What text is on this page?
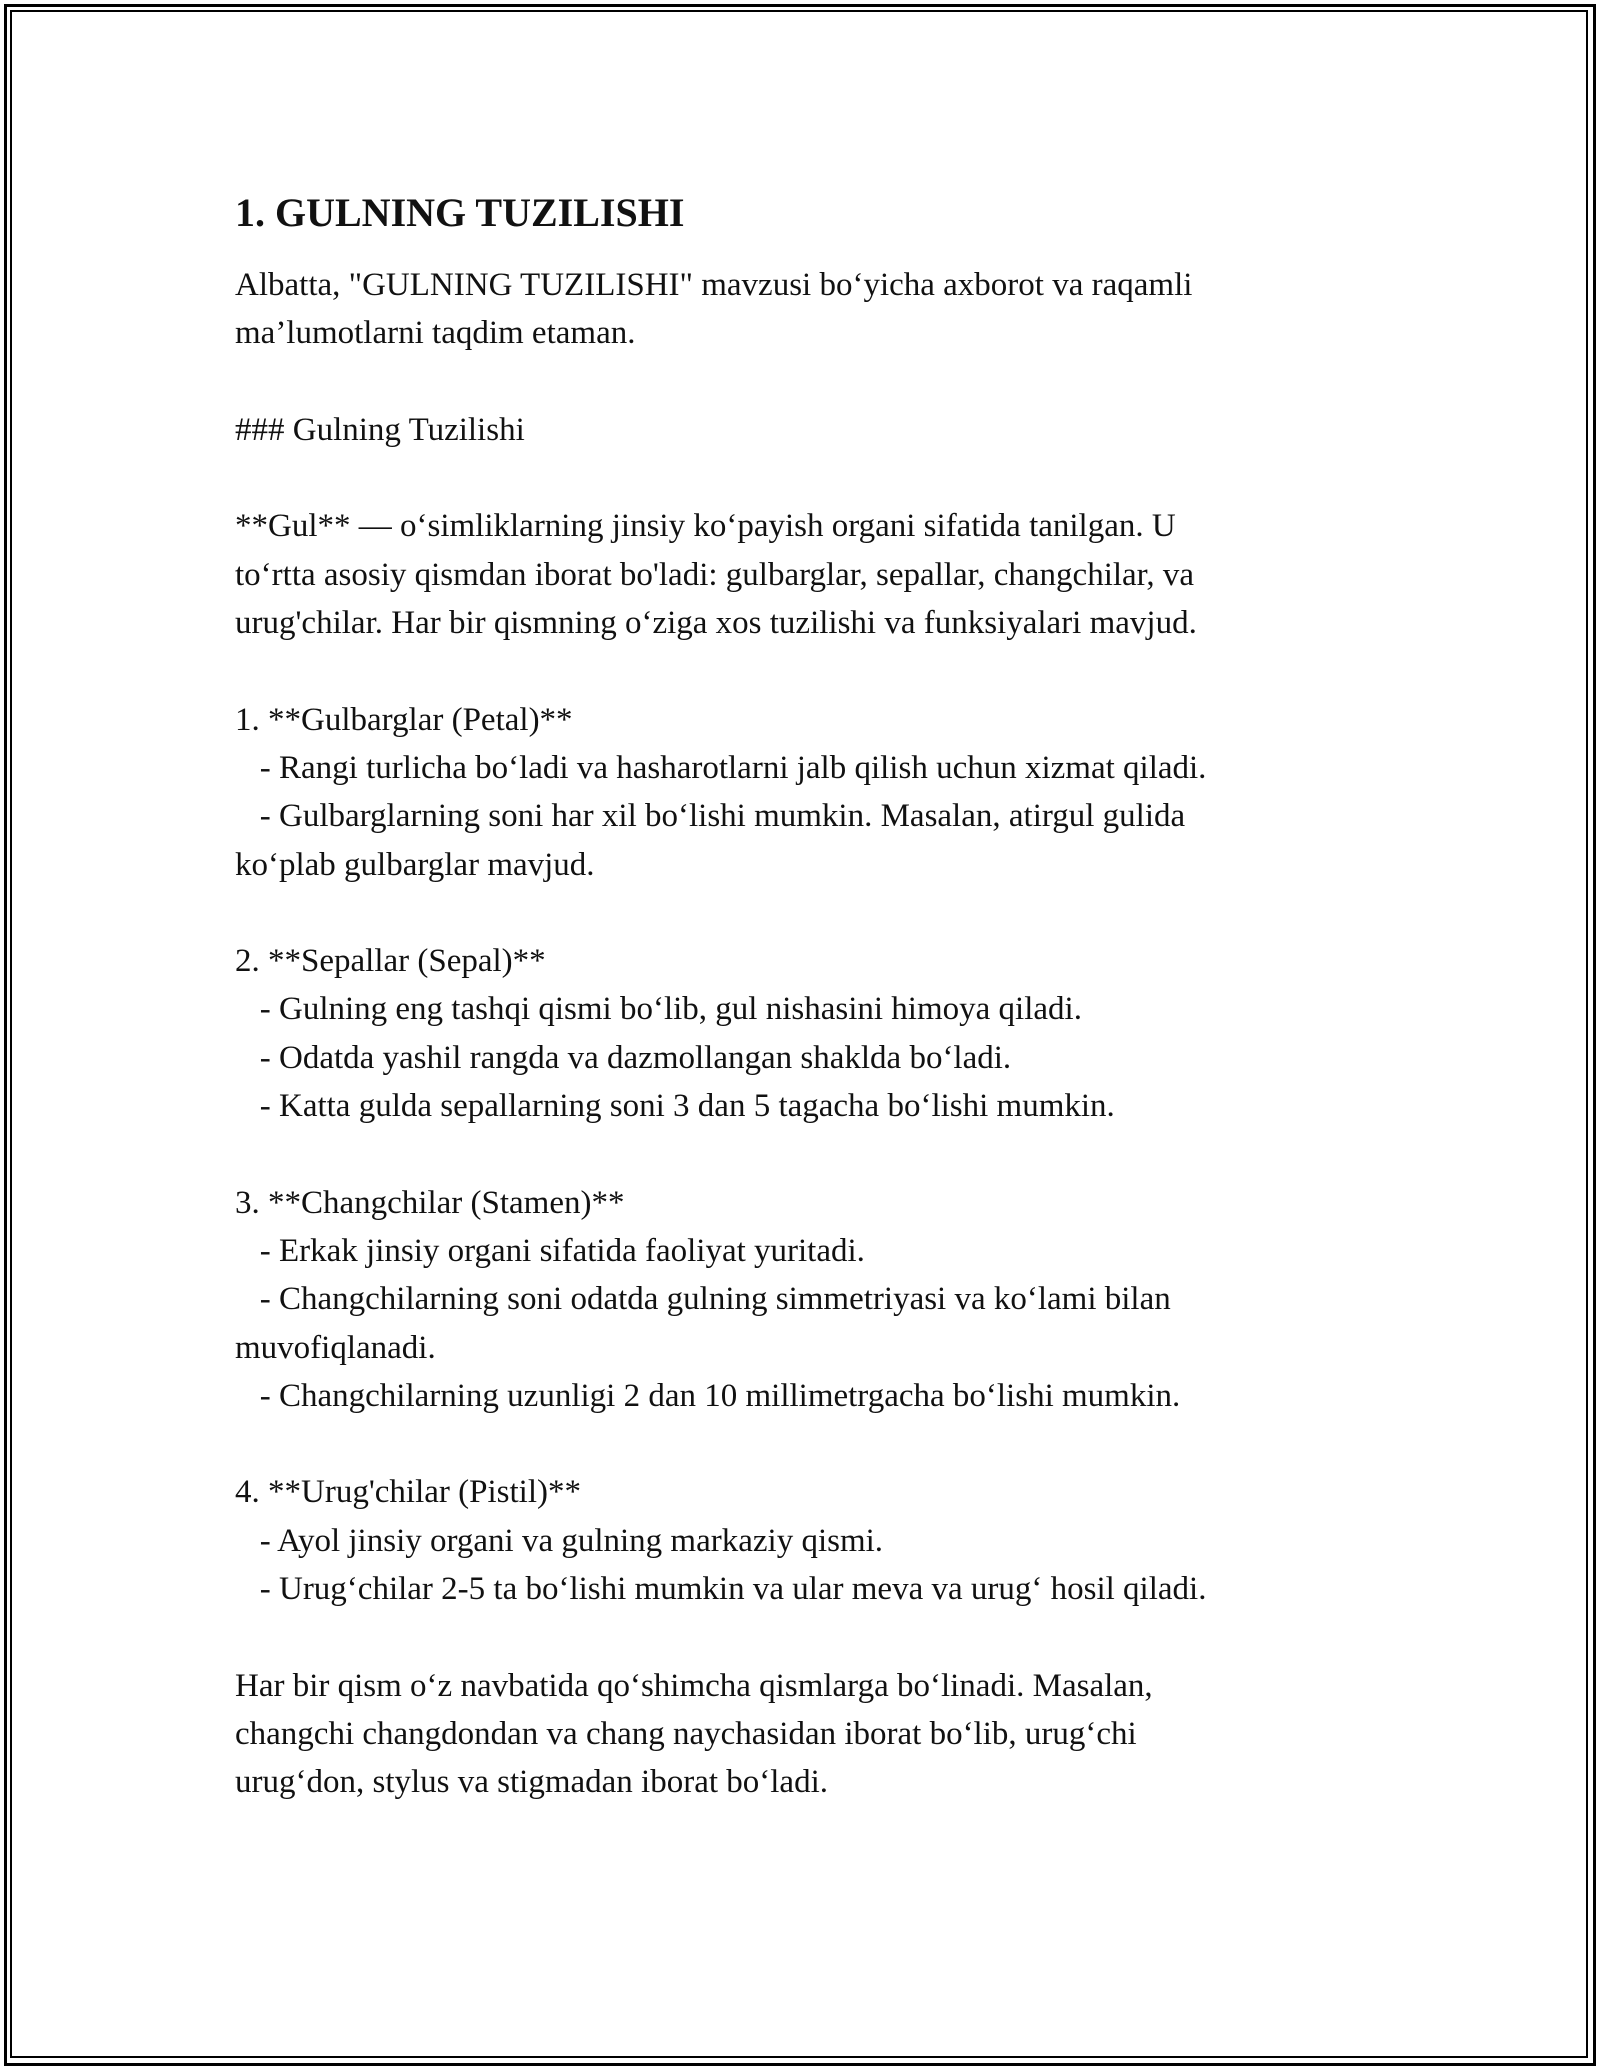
1. GULNING TUZILISHI
Albatta, "GULNING TUZILISHI" mavzusi bo‘yicha axborot va raqamli
ma’lumotlarni taqdim etaman.
### Gulning Tuzilishi
**Gul** — o‘simliklarning jinsiy ko‘payish organi sifatida tanilgan. U
to‘rtta asosiy qismdan iborat bo'ladi: gulbarglar, sepallar, changchilar, va
urug'chilar. Har bir qismning o‘ziga xos tuzilishi va funksiyalari mavjud.
1. **Gulbarglar (Petal)**
- Rangi turlicha bo‘ladi va hasharotlarni jalb qilish uchun xizmat qiladi.
- Gulbarglarning soni har xil bo‘lishi mumkin. Masalan, atirgul gulida
ko‘plab gulbarglar mavjud.
2. **Sepallar (Sepal)**
- Gulning eng tashqi qismi bo‘lib, gul nishasini himoya qiladi.
- Odatda yashil rangda va dazmollangan shaklda bo‘ladi.
- Katta gulda sepallarning soni 3 dan 5 tagacha bo‘lishi mumkin.
3. **Changchilar (Stamen)**
- Erkak jinsiy organi sifatida faoliyat yuritadi.
- Changchilarning soni odatda gulning simmetriyasi va ko‘lami bilan
muvofiqlanadi.
- Changchilarning uzunligi 2 dan 10 millimetrgacha bo‘lishi mumkin.
4. **Urug'chilar (Pistil)**
- Ayol jinsiy organi va gulning markaziy qismi.
- Urug‘chilar 2-5 ta bo‘lishi mumkin va ular meva va urug‘ hosil qiladi.
Har bir qism o‘z navbatida qo‘shimcha qismlarga bo‘linadi. Masalan,
changchi changdondan va chang naychasidan iborat bo‘lib, urug‘chi
urug‘don, stylus va stigmadan iborat bo‘ladi.
